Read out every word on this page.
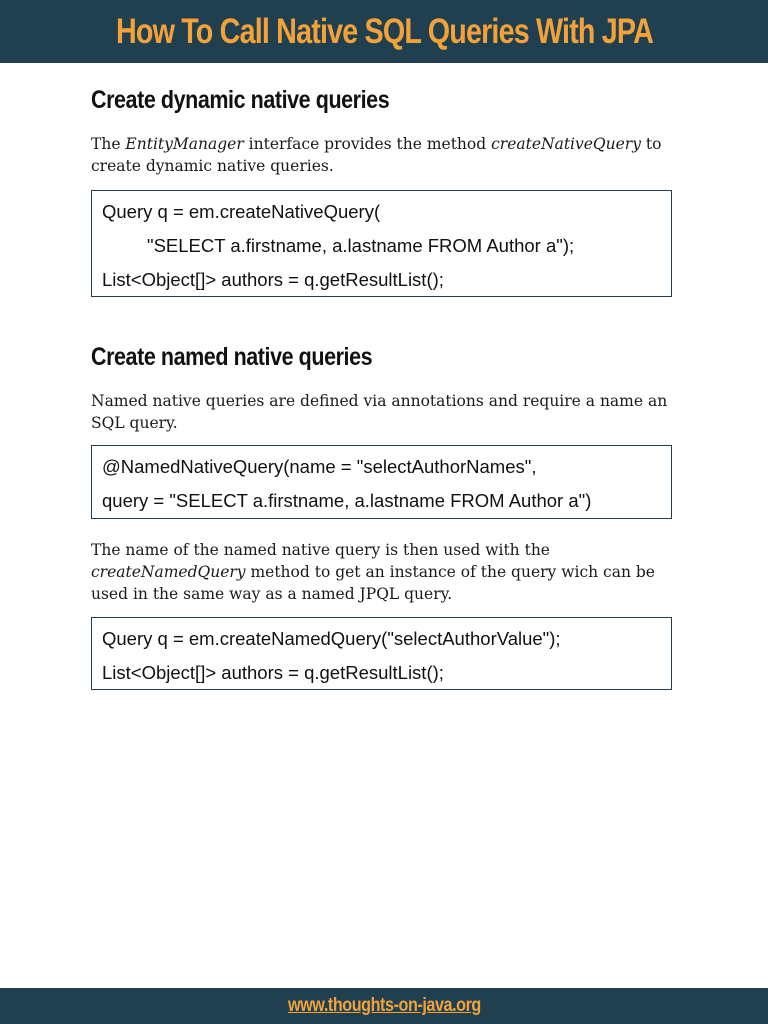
How To Call Native SQL Queries With JPA
Create dynamic native queries

The EntityManager interface provides the method createNativeQuery to create dynamic native queries.

Query q = em.createNativeQuery(
"SELECT a.firstname, a.lastname FROM Author a");
List<Object[]> authors = q.getResultList();
Create named native queries

Named native queries are defined via annotations and require a name an SQL query.

@NamedNativeQuery(name = "selectAuthorNames",
query = "SELECT a.firstname, a.lastname FROM Author a")

The name of the named native query is then used with the createNamedQuery method to get an instance of the query wich can be used in the same way as a named JPQL query.

Query q = em.createNamedQuery("selectAuthorValue");
List<Object[]> authors = q.getResultList();
www.thoughts-on-java.org
